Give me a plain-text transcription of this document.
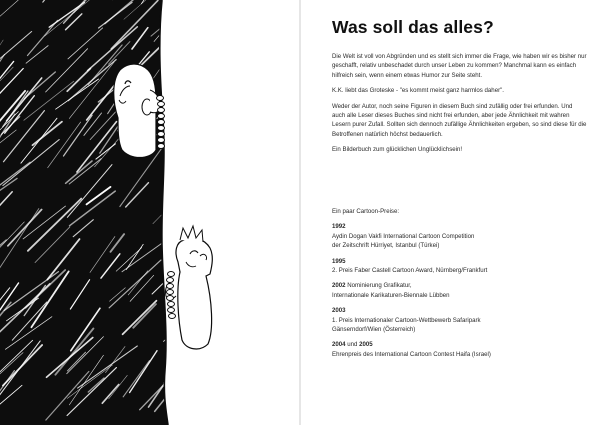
Was soll das alles?

Die Welt ist voll von Abgründen und es stellt sich immer die Frage, wie haben wir es bisher nur geschafft, relativ unbeschadet durch unser Leben zu kommen? Manchmal kann es einfach hilfreich sein, wenn einem etwas Humor zur Seite steht.

K.K. liebt das Groteske - "es kommt meist ganz harmlos daher".

Weder der Autor, noch seine Figuren in diesem Buch sind zufällig oder frei erfunden. Und auch alle Leser dieses Buches sind nicht frei erfunden, aber jede Ähnlichkeit mit wahren Lesern purer Zufall. Sollten sich dennoch zufällige Ähnlichkeiten ergeben, so sind diese für die Betroffenen natürlich höchst bedauerlich.

Ein Bilderbuch zum glücklichen Unglücklichsein!

Ein paar Cartoon-Preise:
1992
Aydin Dogan Vakfi International Cartoon Competition
der Zeitschrift Hürriyet, Istanbul (Türkei)
1995
2. Preis Faber Castell Cartoon Award, Nürnberg/Frankfurt
2002 Nominierung Grafikatur,
Internationale Karikaturen-Biennale Lübben
2003
1. Preis Internationaler Cartoon-Wettbewerb Safaripark
Gänserndorf/Wien (Österreich)
2004 und 2005
Ehrenpreis des International Cartoon Contest Haifa (Israel)
